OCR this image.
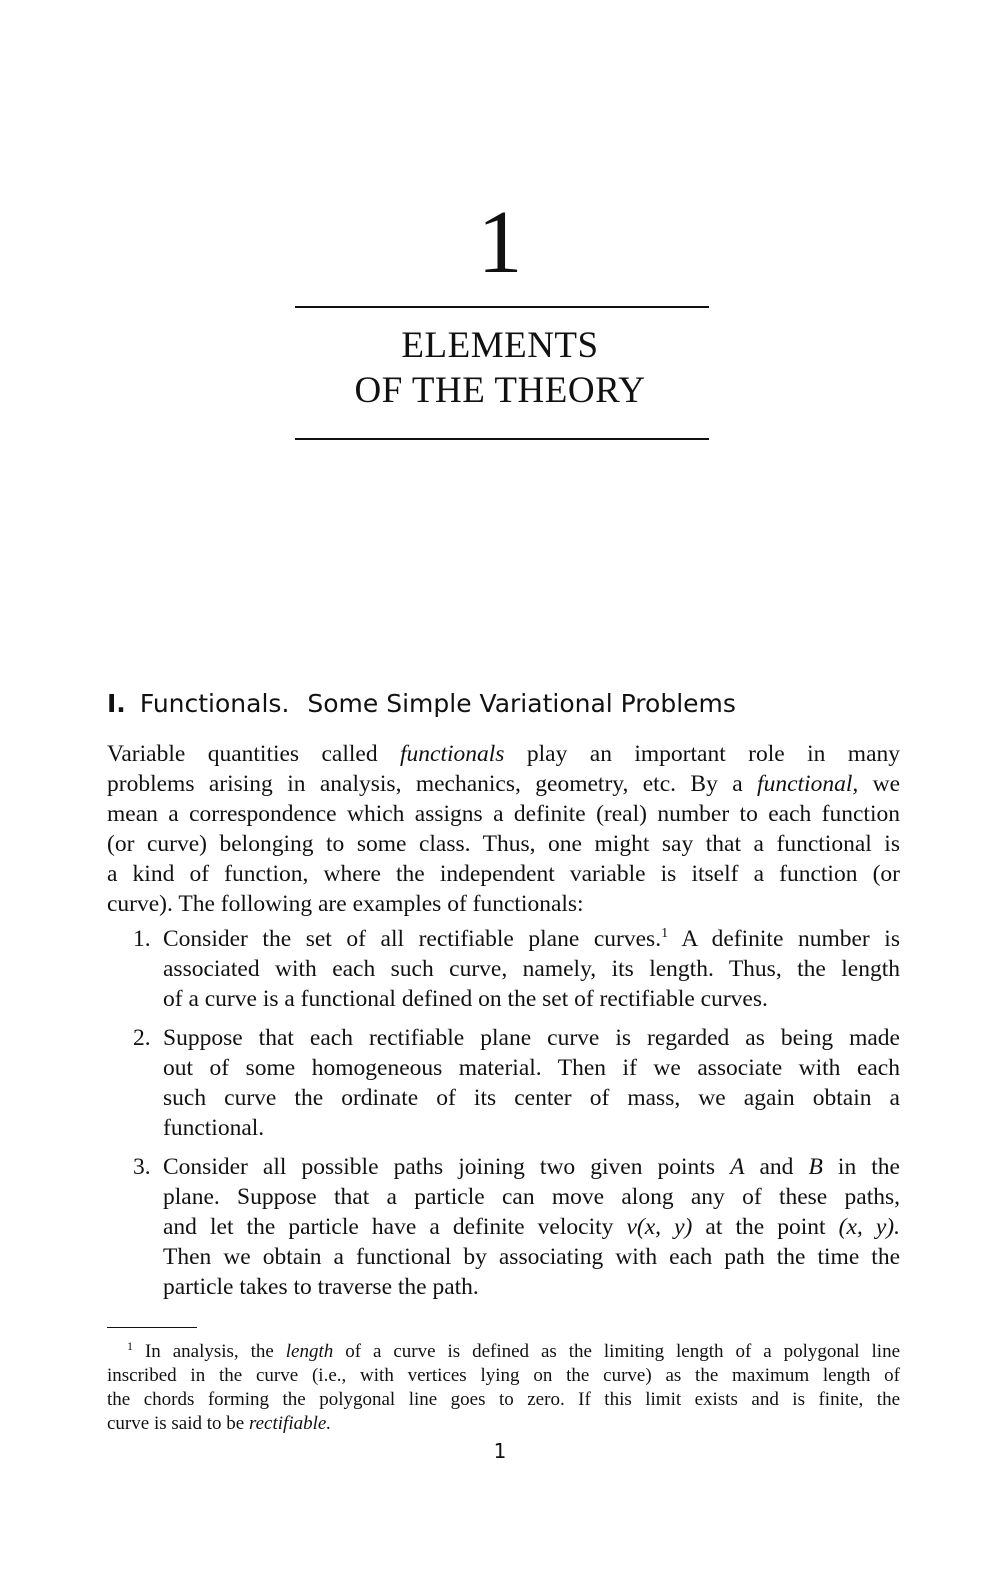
1
ELEMENTS
OF THE THEORY
I. Functionals. Some Simple Variational Problems
Variable quantities called functionals play an important role in many
problems arising in analysis, mechanics, geometry, etc. By a functional, we
mean a correspondence which assigns a definite (real) number to each function
(or curve) belonging to some class. Thus, one might say that a functional is
a kind of function, where the independent variable is itself a function (or
curve). The following are examples of functionals:
1. Consider the set of all rectifiable plane curves.$^1$ A definite number is
associated with each such curve, namely, its length. Thus, the length
of a curve is a functional defined on the set of rectifiable curves.
2. Suppose that each rectifiable plane curve is regarded as being made
out of some homogeneous material. Then if we associate with each
such curve the ordinate of its center of mass, we again obtain a
functional.
3. Consider all possible paths joining two given points A and B in the
plane. Suppose that a particle can move along any of these paths,
and let the particle have a definite velocity v(x, y) at the point (x, y).
Then we obtain a functional by associating with each path the time the
particle takes to traverse the path.
$^1$ In analysis, the length of a curve is defined as the limiting length of a polygonal line
inscribed in the curve (i.e., with vertices lying on the curve) as the maximum length of
the chords forming the polygonal line goes to zero. If this limit exists and is finite, the
curve is said to be rectifiable.
1
